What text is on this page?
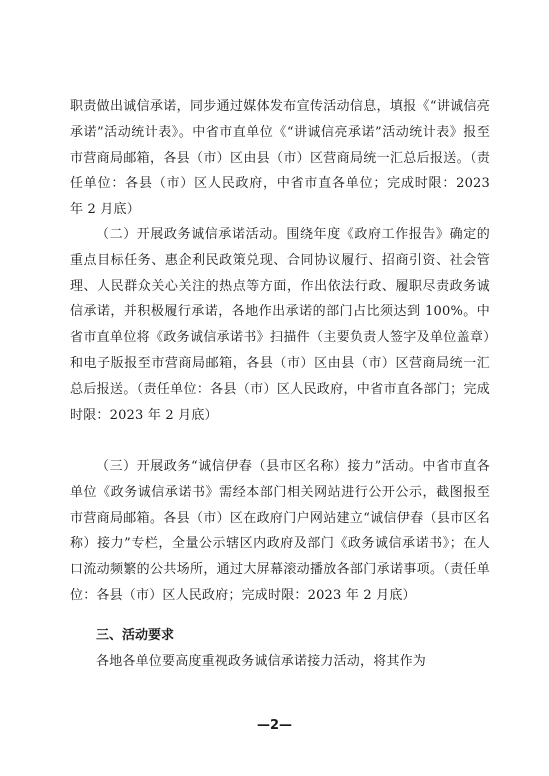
职责做出诚信承诺，同步通过媒体发布宣传活动信息，填报《“讲诚信亮承诺”活动统计表》。中省市直单位《“讲诚信亮承诺”活动统计表》报至市营商局邮箱，各县（市）区由县（市）区营商局统一汇总后报送。（责任单位：各县（市）区人民政府，中省市直各单位；完成时限：2023 年 2 月底）

（二）开展政务诚信承诺活动。围绕年度《政府工作报告》确定的重点目标任务、惠企利民政策兑现、合同协议履行、招商引资、社会管理、人民群众关心关注的热点等方面，作出依法行政、履职尽责政务诚信承诺，并积极履行承诺，各地作出承诺的部门占比须达到 100%。中省市直单位将《政务诚信承诺书》扫描件（主要负责人签字及单位盖章）和电子版报至市营商局邮箱，各县（市）区由县（市）区营商局统一汇总后报送。（责任单位：各县（市）区人民政府，中省市直各部门；完成时限：2023 年 2 月底）

（三）开展政务“诚信伊春（县市区名称）接力”活动。中省市直各单位《政务诚信承诺书》需经本部门相关网站进行公开公示，截图报至市营商局邮箱。各县（市）区在政府门户网站建立“诚信伊春（县市区名称）接力”专栏，全量公示辖区内政府及部门《政务诚信承诺书》；在人口流动频繁的公共场所，通过大屏幕滚动播放各部门承诺事项。（责任单位：各县（市）区人民政府；完成时限：2023 年 2 月底）

三、活动要求

各地各单位要高度重视政务诚信承诺接力活动，将其作为

—2—
